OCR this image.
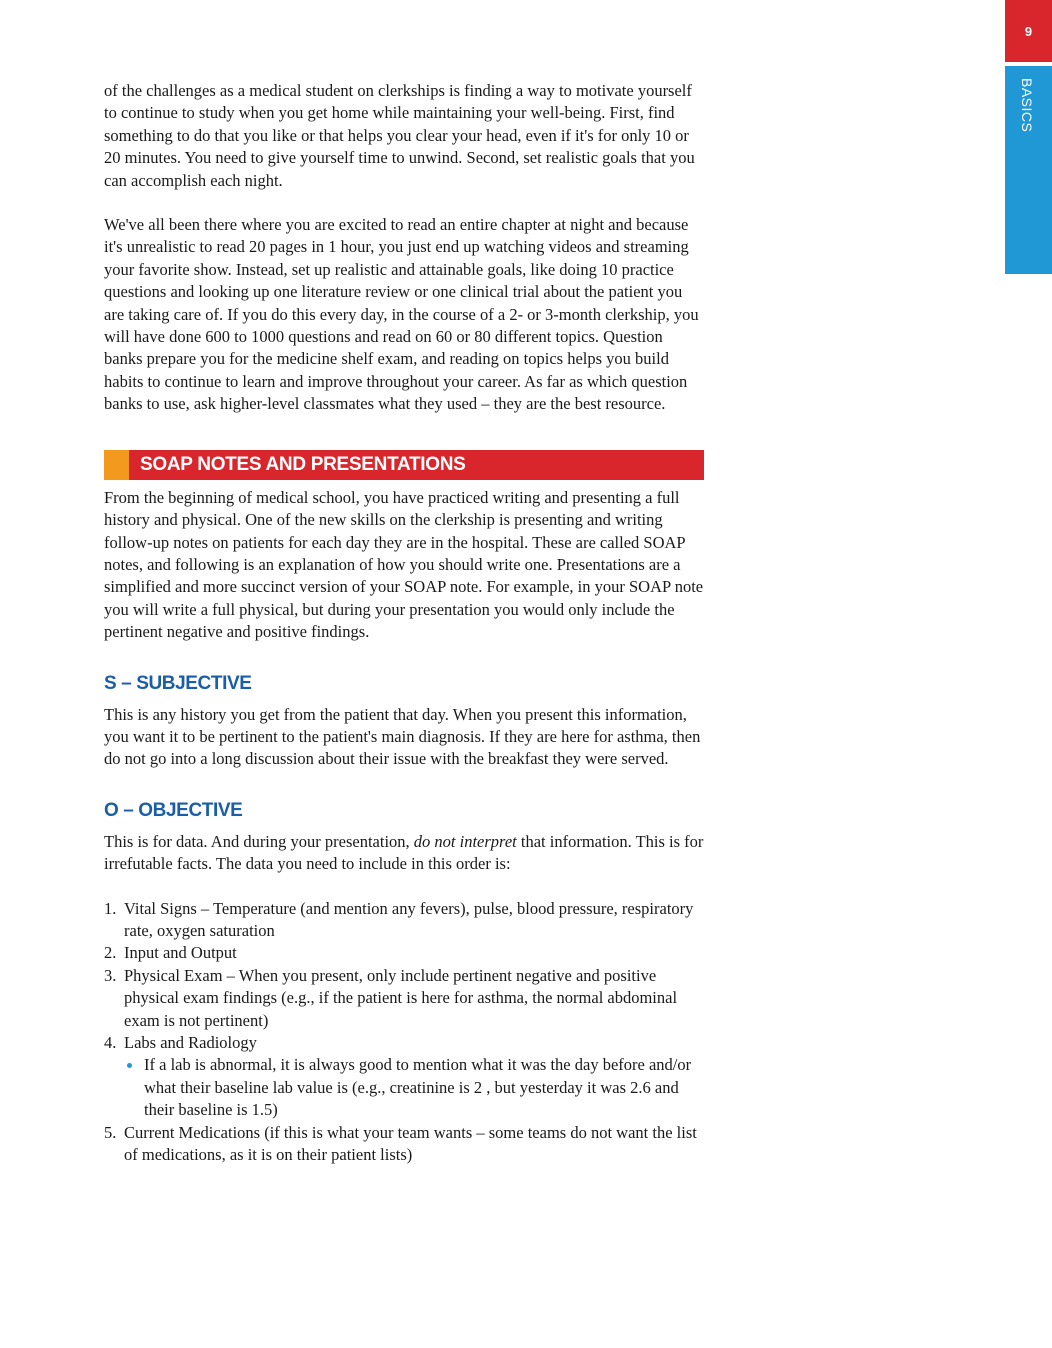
9
BASICS

of the challenges as a medical student on clerkships is finding a way to motivate yourself to continue to study when you get home while maintaining your well-being. First, find something to do that you like or that helps you clear your head, even if it's for only 10 or 20 minutes. You need to give yourself time to unwind. Second, set realistic goals that you can accomplish each night.

We've all been there where you are excited to read an entire chapter at night and because it's unrealistic to read 20 pages in 1 hour, you just end up watching videos and streaming your favorite show. Instead, set up realistic and attainable goals, like doing 10 practice questions and looking up one literature review or one clinical trial about the patient you are taking care of. If you do this every day, in the course of a 2- or 3-month clerkship, you will have done 600 to 1000 questions and read on 60 or 80 different topics. Question banks prepare you for the medicine shelf exam, and reading on topics helps you build habits to continue to learn and improve throughout your career. As far as which question banks to use, ask higher-level classmates what they used – they are the best resource.

SOAP NOTES AND PRESENTATIONS

From the beginning of medical school, you have practiced writing and presenting a full history and physical. One of the new skills on the clerkship is presenting and writing follow-up notes on patients for each day they are in the hospital. These are called SOAP notes, and following is an explanation of how you should write one. Presentations are a simplified and more succinct version of your SOAP note. For example, in your SOAP note you will write a full physical, but during your presentation you would only include the pertinent negative and positive findings.

S – SUBJECTIVE

This is any history you get from the patient that day. When you present this information, you want it to be pertinent to the patient's main diagnosis. If they are here for asthma, then do not go into a long discussion about their issue with the breakfast they were served.

O – OBJECTIVE

This is for data. And during your presentation, do not interpret that information. This is for irrefutable facts. The data you need to include in this order is:

1. Vital Signs – Temperature (and mention any fevers), pulse, blood pressure, respiratory rate, oxygen saturation
2. Input and Output
3. Physical Exam – When you present, only include pertinent negative and positive physical exam findings (e.g., if the patient is here for asthma, the normal abdominal exam is not pertinent)
4. Labs and Radiology
If a lab is abnormal, it is always good to mention what it was the day before and/or what their baseline lab value is (e.g., creatinine is 2 , but yesterday it was 2.6 and their baseline is 1.5)
5. Current Medications (if this is what your team wants – some teams do not want the list of medications, as it is on their patient lists)
